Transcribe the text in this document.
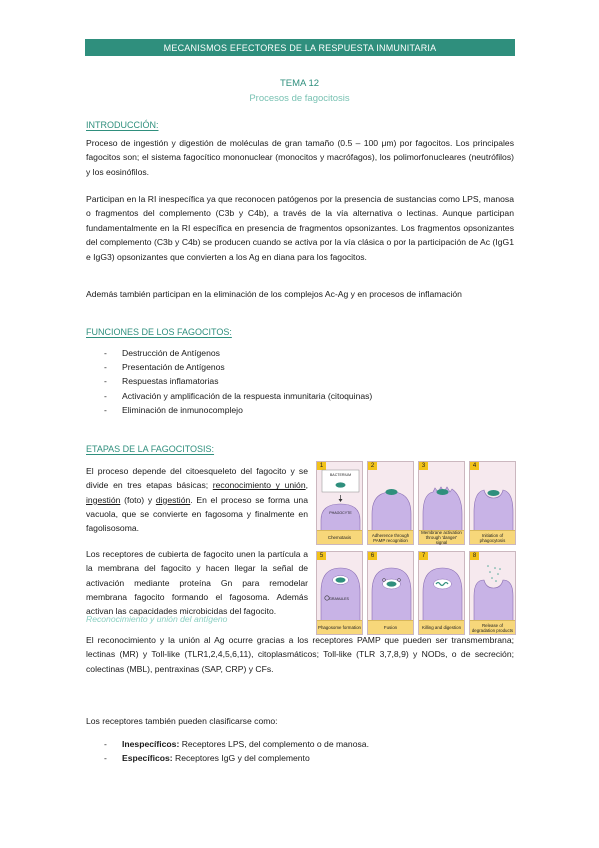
MECANISMOS EFECTORES DE LA RESPUESTA INMUNITARIA
TEMA 12
Procesos de fagocitosis
INTRODUCCIÓN:

Proceso de ingestión y digestión de moléculas de gran tamaño (0.5 – 100 μm) por fagocitos. Los principales fagocitos son; el sistema fagocítico mononuclear (monocitos y macrófagos), los polimorfonucleares (neutrófilos) y los eosinófilos.

Participan en la RI inespecífica ya que reconocen patógenos por la presencia de sustancias como LPS, manosa o fragmentos del complemento (C3b y C4b), a través de la vía alternativa o lectinas. Aunque participan fundamentalmente en la RI específica en presencia de fragmentos opsonizantes. Los fragmentos opsonizantes del complemento (C3b y C4b) se producen cuando se activa por la vía clásica o por la participación de Ac (IgG1 e IgG3) opsonizantes que convierten a los Ag en diana para los fagocitos.

Además también participan en la eliminación de los complejos Ac-Ag y en procesos de inflamación

FUNCIONES DE LOS FAGOCITOS:
- Destrucción de Antígenos
- Presentación de Antígenos
- Respuestas inflamatorias
- Activación y amplificación de la respuesta inmunitaria (citoquinas)
- Eliminación de inmunocomplejo
ETAPAS DE LA FAGOCITOSIS:

El proceso depende del citoesqueleto del fagocito y se divide en tres etapas básicas; reconocimiento y unión, ingestión (foto) y digestión. En el proceso se forma una vacuola, que se convierte en fagosoma y finalmente en fagolisosoma.

Los receptores de cubierta de fagocito unen la partícula a la membrana del fagocito y hacen llegar la señal de activación mediante proteína Gn para remodelar membrana fagocito formando el fagosoma. Además activan las capacidades microbicidas del fagocito.

1
BACTERIUM
PHAGOCYTE
Chemotaxis
2
Adherence through PAMP recognition
3
Membrane activation through 'danger' signal
4
Initiation of phagocytosis
5
GRANULES
Phagosome formation
6
Fusion
7
Killing and digestion
8
Release of degradation products
Reconocimiento y unión del antígeno

El reconocimiento y la unión al Ag ocurre gracias a los receptores PAMP que pueden ser transmembrana; lectinas (MR) y Toll-like (TLR1,2,4,5,6,11), citoplasmáticos; Toll-like (TLR 3,7,8,9) y NODs, o de secreción; colectinas (MBL), pentraxinas (SAP, CRP) y CFs.

Los receptores también pueden clasificarse como:

- Inespecíficos: Receptores LPS, del complemento o de manosa.
- Específicos: Receptores IgG y del complemento
